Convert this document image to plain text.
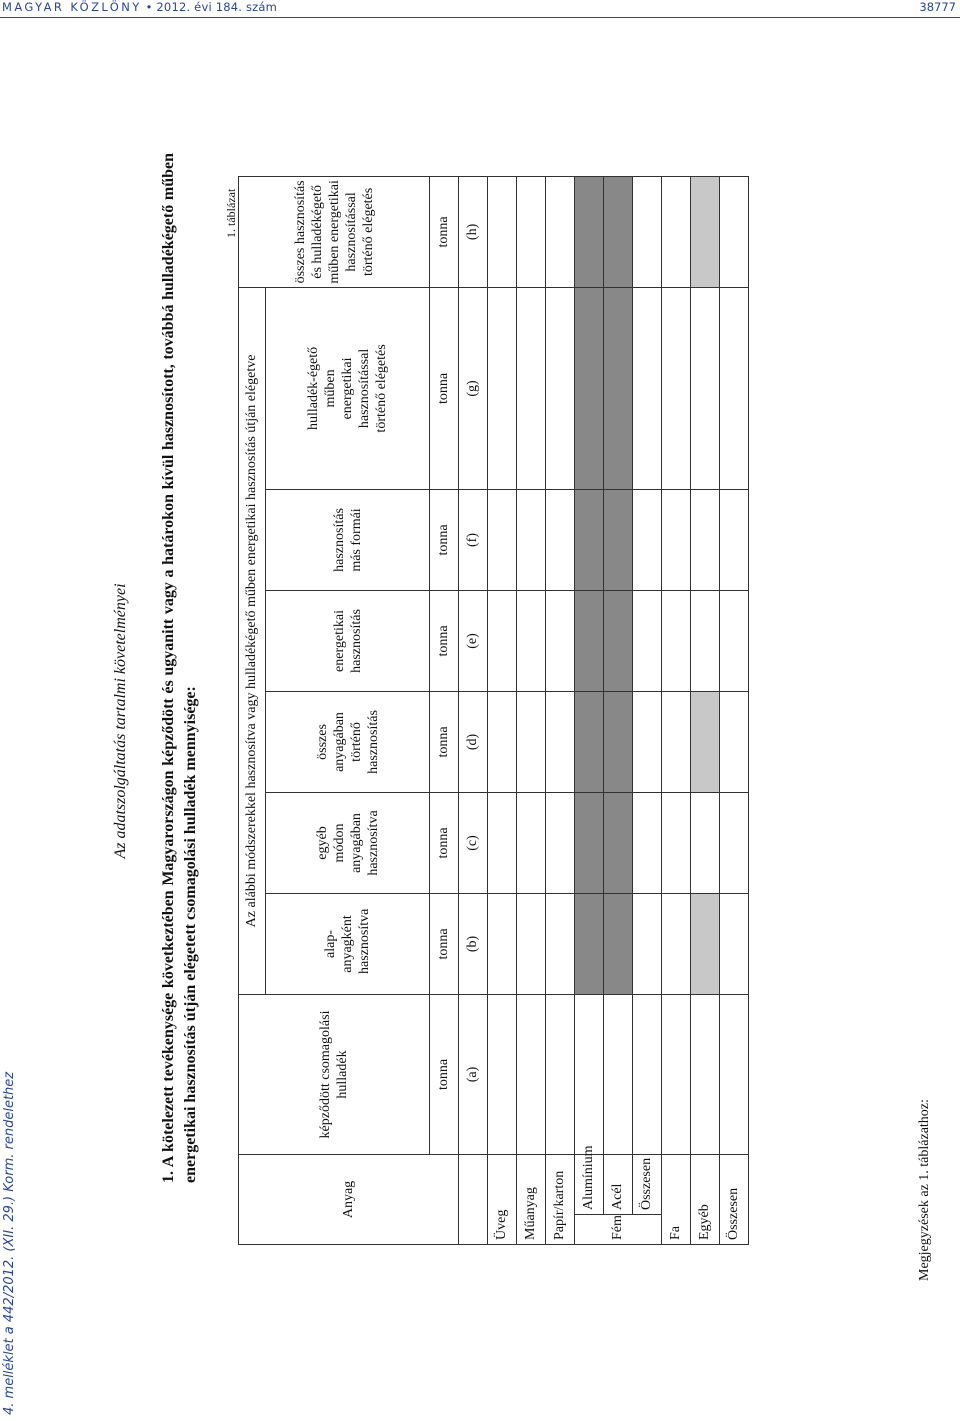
MAGYAR KÖZLÖNY • 2012. évi 184. szám	38777
4. melléklet a 442/2012. (XII. 29.) Korm. rendelethez
Az adatszolgáltatás tartalmi követelményei 1. A kötelezett tevékenysége következtében Magyarországon képződött és ugyanitt vagy a határokon kívül hasznosított, továbbá hulladékégető műben energetikai hasznosítás útján elégetett csomagolási hulladék mennyisége:
1. táblázat
Anyag		képződött csomagolási hulladék	Az alábbi módszerekkel hasznosítva vagy hulladékégető műben energetikai hasznosítás útján elégetve						összes hasznosítás és hulladékégető műben energetikai hasznosítással történő elégetés

			alap-anyagként hasznosítva	egyéb módon anyagában hasznosítva	összes anyagában történő hasznosítás	energetikai hasznosítás	hasznosítás más formái	hulladék-égető műben energetikai hasznosítással történő elégetés	

		tonna	tonna	tonna	tonna	tonna	tonna	tonna	tonna
		(a)	(b)	(c)	(d)	(e)	(f)	(g)	(h)
Üveg									
Műanyag									
Papír/karton									
Fém	Alumínium								
	Acél								
	Összesen								
Fa									
Egyéb									
Összesen										Megjegyzések az 1. táblázathoz:
